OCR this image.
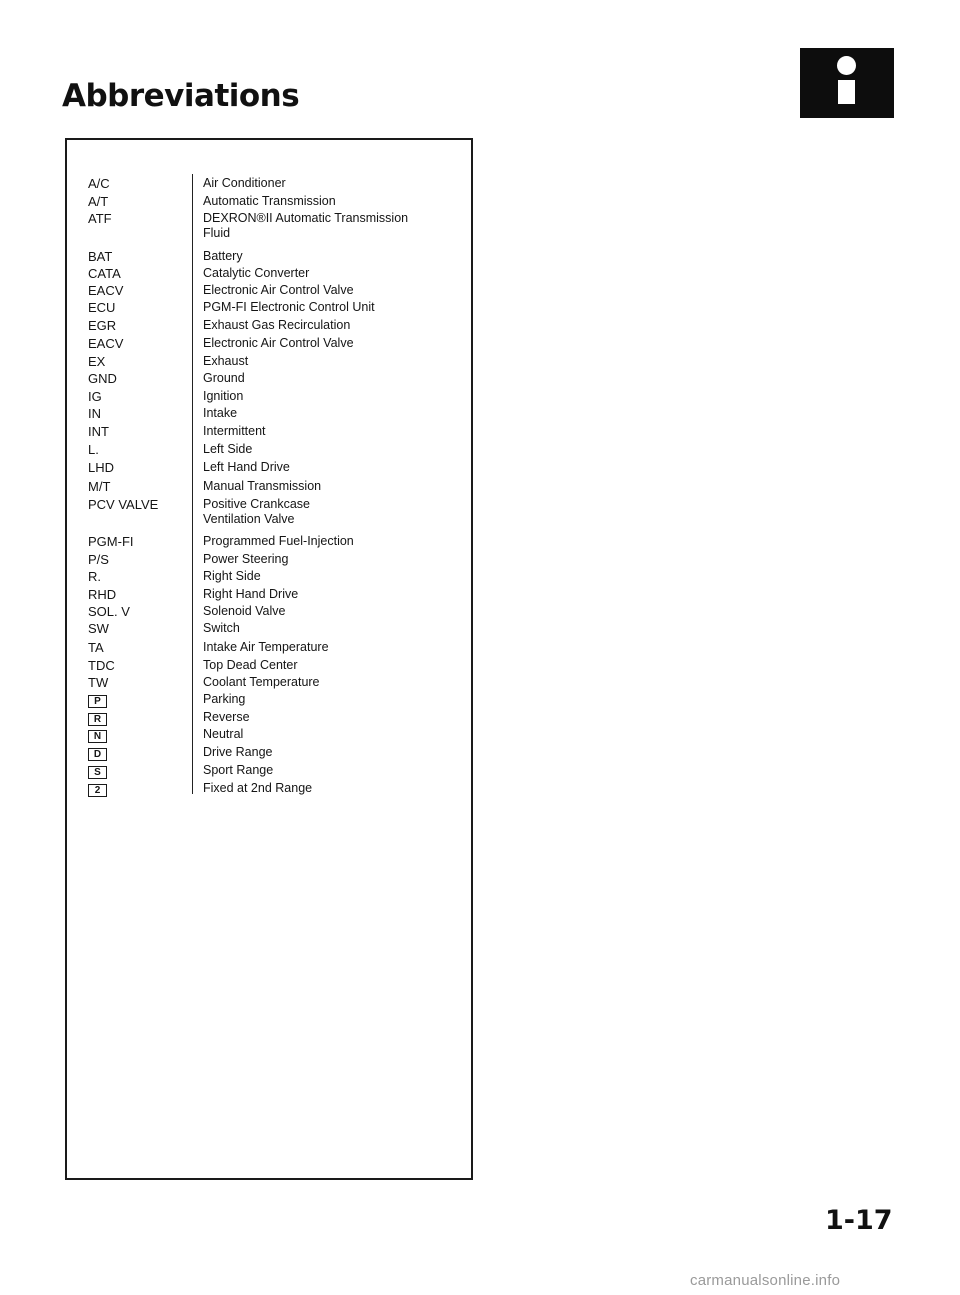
Abbreviations
A/C	Air Conditioner
A/T	Automatic Transmission
ATF	DEXRON®II Automatic Transmission
Fluid
BAT	Battery
CATA	Catalytic Converter
EACV	Electronic Air Control Valve
ECU	PGM-FI Electronic Control Unit
EGR	Exhaust Gas Recirculation
EACV	Electronic Air Control Valve
EX	Exhaust
GND	Ground
IG	Ignition
IN	Intake
INT	Intermittent
L.	Left Side
LHD	Left Hand Drive
M/T	Manual Transmission
PCV VALVE	Positive Crankcase
Ventilation Valve
PGM-FI	Programmed Fuel-Injection
P/S	Power Steering
R.	Right Side
RHD	Right Hand Drive
SOL. V	Solenoid Valve
SW	Switch
TA	Intake Air Temperature
TDC	Top Dead Center
TW	Coolant Temperature
P	Parking
R	Reverse
N	Neutral
D	Drive Range
S	Sport Range
2	Fixed at 2nd Range
1-17
carmanualsonline.info
